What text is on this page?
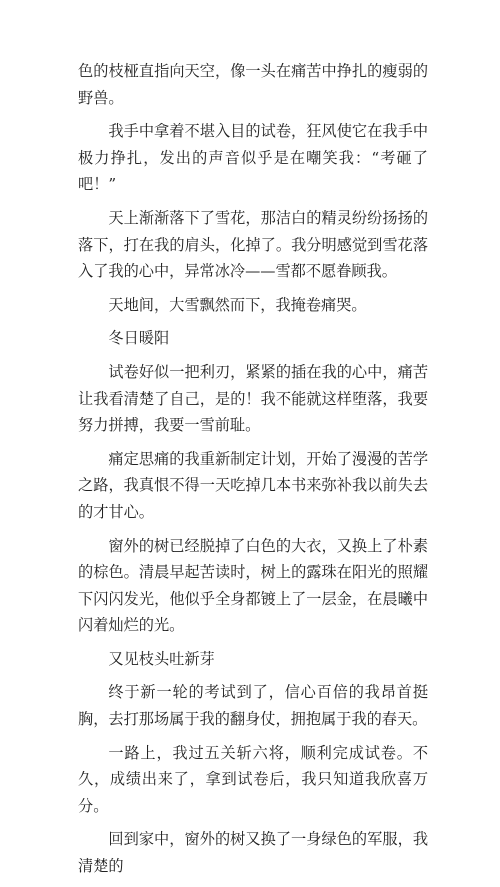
色的枝桠直指向天空，像一头在痛苦中挣扎的瘦弱的野兽。

我手中拿着不堪入目的试卷，狂风使它在我手中极力挣扎，发出的声音似乎是在嘲笑我：“考砸了吧！”

天上渐渐落下了雪花，那洁白的精灵纷纷扬扬的落下，打在我的肩头，化掉了。我分明感觉到雪花落入了我的心中，异常冰冷——雪都不愿眷顾我。

天地间，大雪飘然而下，我掩卷痛哭。

冬日暖阳

试卷好似一把利刃，紧紧的插在我的心中，痛苦让我看清楚了自己，是的！我不能就这样堕落，我要努力拼搏，我要一雪前耻。

痛定思痛的我重新制定计划，开始了漫漫的苦学之路，我真恨不得一天吃掉几本书来弥补我以前失去的才甘心。

窗外的树已经脱掉了白色的大衣，又换上了朴素的棕色。清晨早起苦读时，树上的露珠在阳光的照耀下闪闪发光，他似乎全身都镀上了一层金，在晨曦中闪着灿烂的光。

又见枝头吐新芽

终于新一轮的考试到了，信心百倍的我昂首挺胸，去打那场属于我的翻身仗，拥抱属于我的春天。

一路上，我过五关斩六将，顺利完成试卷。不久，成绩出来了，拿到试卷后，我只知道我欣喜万分。

回到家中，窗外的树又换了一身绿色的军服，我清楚的
